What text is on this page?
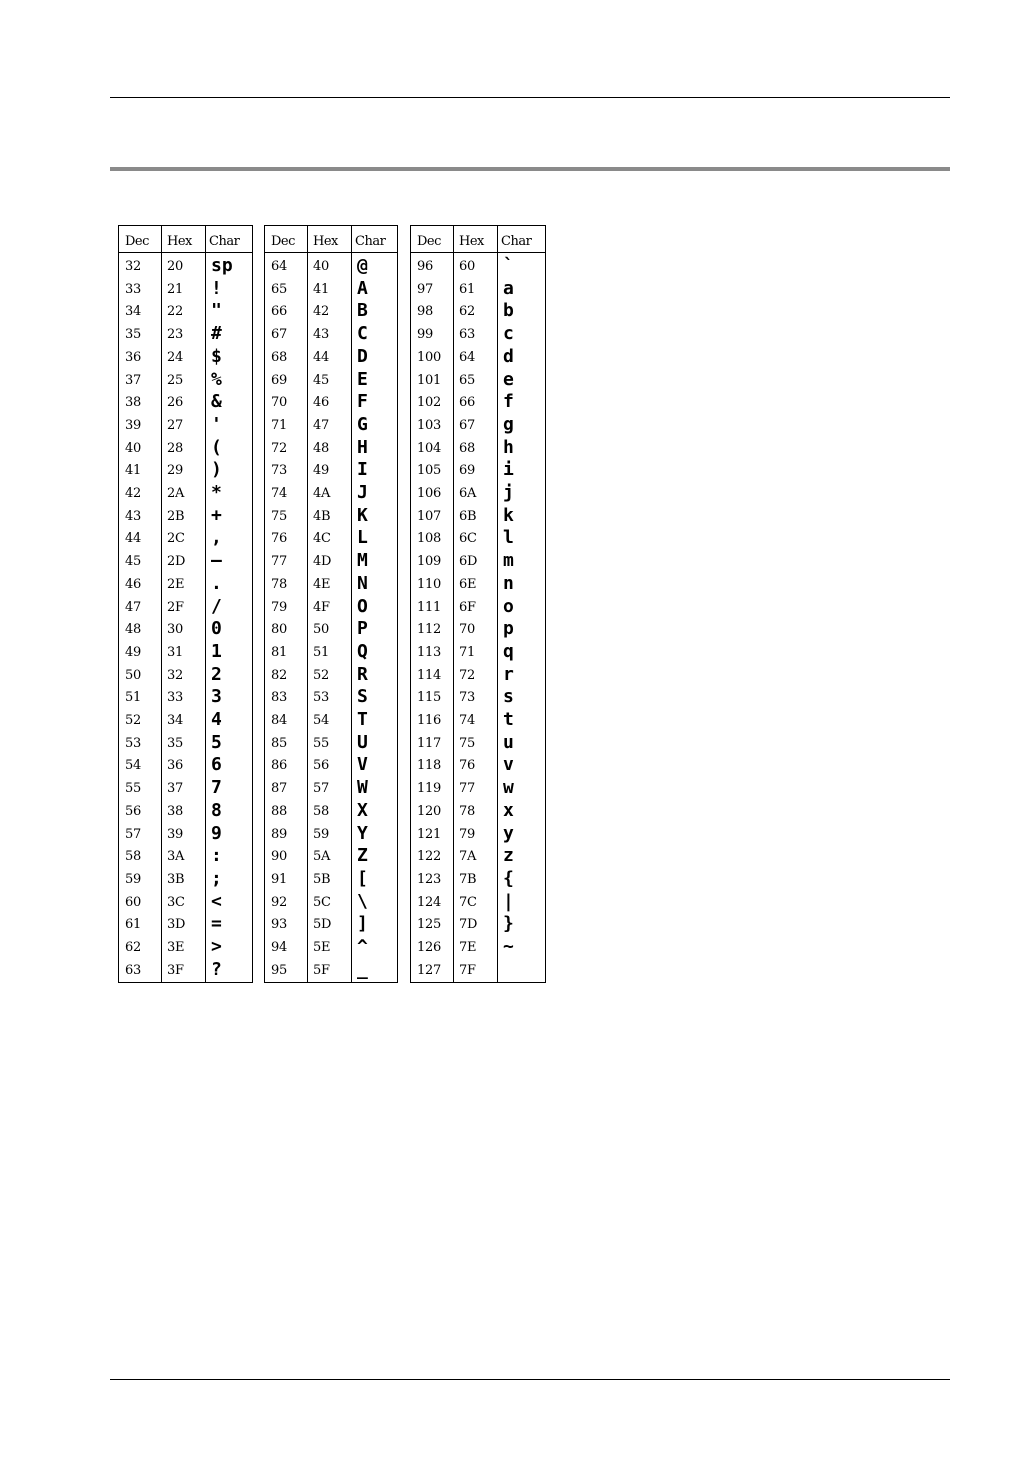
Dec Hex Char
32 20 sp
33 21 !
34 22 "
35 23 #
36 24 $
37 25 %
38 26 &
39 27 '
40 28 (
41 29 )
42 2A *
43 2B +
44 2C ,
45 2D —
46 2E .
47 2F /
48 30 0
49 31 1
50 32 2
51 33 3
52 34 4
53 35 5
54 36 6
55 37 7
56 38 8
57 39 9
58 3A :
59 3B ;
60 3C <
61 3D =
62 3E >
63 3F ?
Dec Hex Char
64 40 @
65 41 A
66 42 B
67 43 C
68 44 D
69 45 E
70 46 F
71 47 G
72 48 H
73 49 I
74 4A J
75 4B K
76 4C L
77 4D M
78 4E N
79 4F O
80 50 P
81 51 Q
82 52 R
83 53 S
84 54 T
85 55 U
86 56 V
87 57 W
88 58 X
89 59 Y
90 5A Z
91 5B [
92 5C \
93 5D ]
94 5E ^
95 5F _
Dec Hex Char
96 60 `
97 61 a
98 62 b
99 63 c
100 64 d
101 65 e
102 66 f
103 67 g
104 68 h
105 69 i
106 6A j
107 6B k
108 6C l
109 6D m
110 6E n
111 6F o
112 70 p
113 71 q
114 72 r
115 73 s
116 74 t
117 75 u
118 76 v
119 77 w
120 78 x
121 79 y
122 7A z
123 7B {
124 7C |
125 7D }
126 7E ~
127 7F
